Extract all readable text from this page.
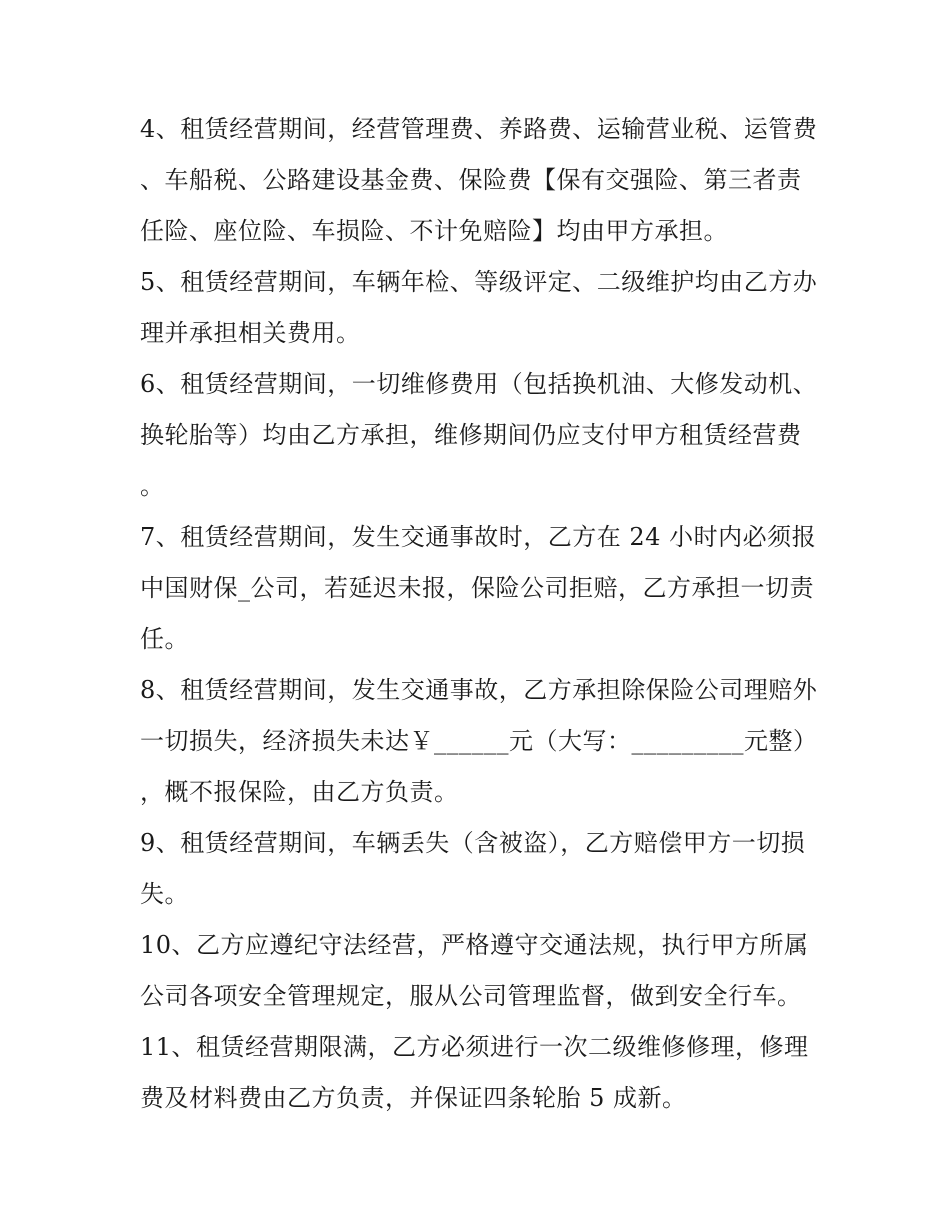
4、租赁经营期间，经营管理费、养路费、运输营业税、运管费、车船税、公路建设基金费、保险费【保有交强险、第三者责任险、座位险、车损险、不计免赔险】均由甲方承担。

5、租赁经营期间，车辆年检、等级评定、二级维护均由乙方办理并承担相关费用。

6、租赁经营期间，一切维修费用（包括换机油、大修发动机、换轮胎等）均由乙方承担，维修期间仍应支付甲方租赁经营费。

7、租赁经营期间，发生交通事故时，乙方在 24 小时内必须报中国财保_公司，若延迟未报，保险公司拒赔，乙方承担一切责任。

8、租赁经营期间，发生交通事故，乙方承担除保险公司理赔外一切损失，经济损失未达￥______元（大写：_________元整），概不报保险，由乙方负责。

9、租赁经营期间，车辆丢失（含被盗），乙方赔偿甲方一切损失。

10、乙方应遵纪守法经营，严格遵守交通法规，执行甲方所属公司各项安全管理规定，服从公司管理监督，做到安全行车。

11、租赁经营期限满，乙方必须进行一次二级维修修理，修理费及材料费由乙方负责，并保证四条轮胎 5 成新。
